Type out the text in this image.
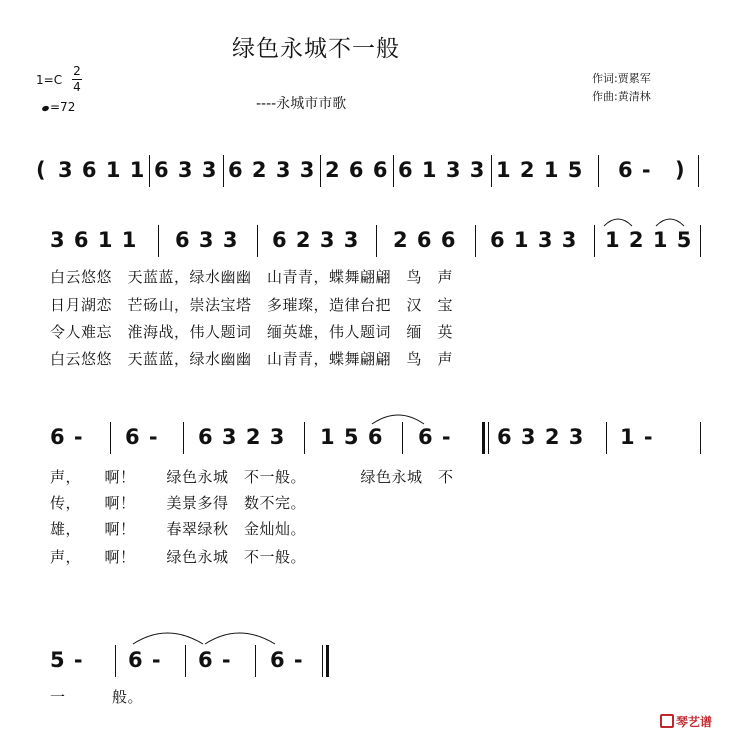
绿色永城不一般
----永城市市歌
作词:贾累军
作曲:黄清林
1=C
2
4
=72
( 3 6 1 1 6 3 3 6 2 3 3 2 6 6 6 1 3 3 1 2 1 5 6 - )
3 6 1 1 6 3 3 6 2 3 3 2 6 6 6 1 3 3 1 2 1 5
白云悠悠　天蓝蓝，绿水幽幽　山青青，蝶舞翩翩　鸟　声
日月湖恋　芒砀山，崇法宝塔　多璀璨，造律台把　汉　宝
令人难忘　淮海战，伟人题词　缅英雄，伟人题词　缅　英
白云悠悠　天蓝蓝，绿水幽幽　山青青，蝶舞翩翩　鸟　声
6 - 6 - 6 3 2 3 1 5 6 6 - 6 3 2 3 1 -
声，　　啊！　　绿色永城　不一般。　　　　绿色永城　不
传，　　啊！　　美景多得　数不完。
雄，　　啊！　　春翠绿秋　金灿灿。
声，　　啊！　　绿色永城　不一般。
5 - 6 - 6 - 6 -
一　　　般。
琴艺谱
